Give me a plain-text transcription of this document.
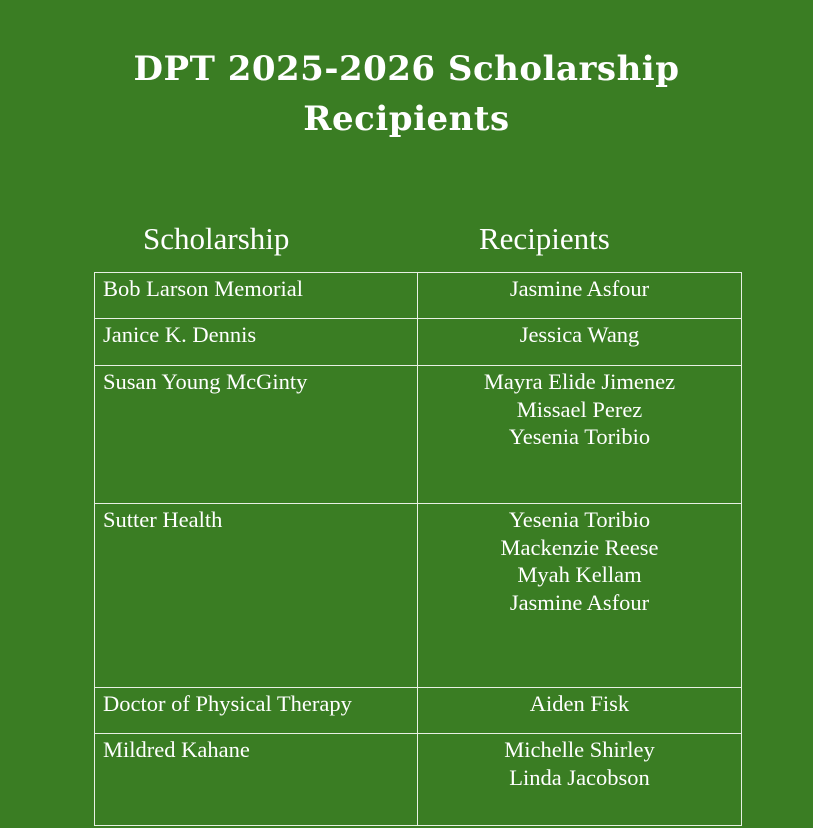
DPT 2025-2026 Scholarship
Recipients
Scholarship	Recipients
Bob Larson Memorial	Jasmine Asfour

Janice K. Dennis	Jessica Wang

Susan Young McGinty	Mayra Elide Jimenez
Missael Perez
Yesenia Toribio

Sutter Health	Yesenia Toribio
Mackenzie Reese
Myah Kellam
Jasmine Asfour

Doctor of Physical Therapy	Aiden Fisk

Mildred Kahane	Michelle Shirley
Linda Jacobson
